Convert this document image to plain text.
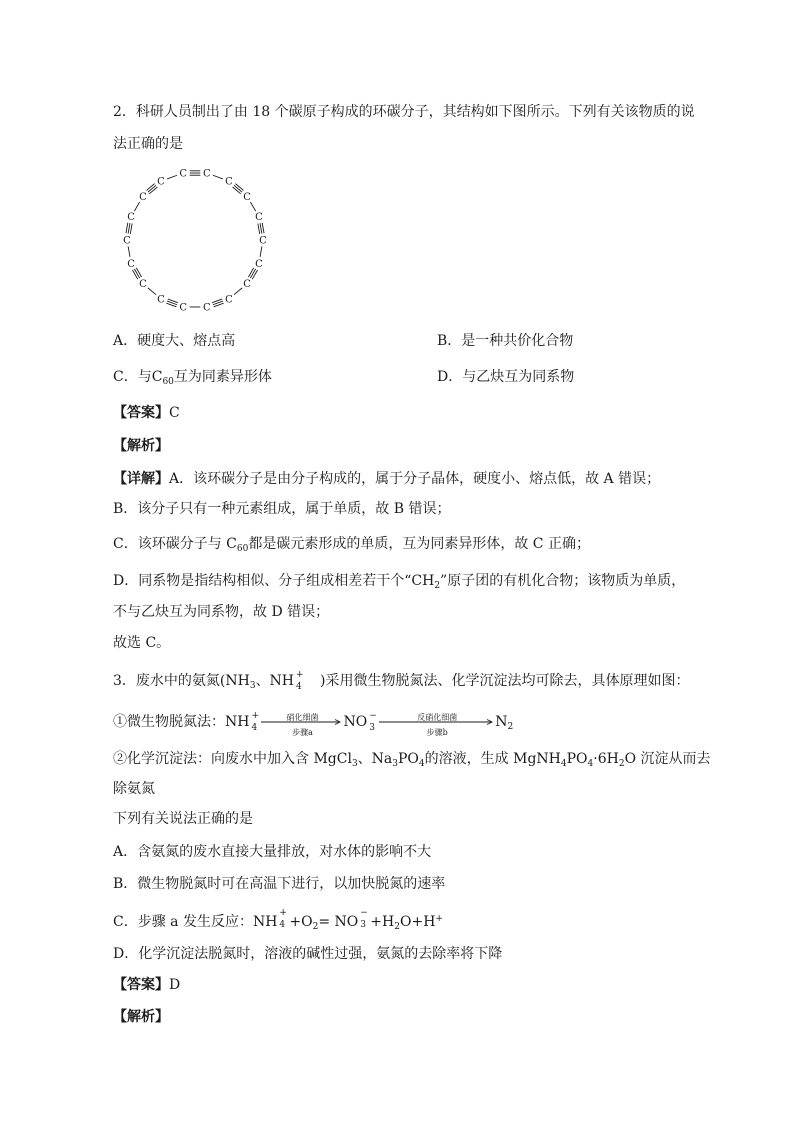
2．科研人员制出了由 18 个碳原子构成的环碳分子，其结构如下图所示。下列有关该物质的说
法正确的是
C C
C
C
C
C
C
C
C
C
C
C
C
C
C
C
C
C
A．硬度大、熔点高	B．是一种共价化合物
C．与$C_{60}$互为同素异形体	D．与乙炔互为同系物
【答案】C
【解析】
【详解】A．该环碳分子是由分子构成的，属于分子晶体，硬度小、熔点低，故 A 错误；
B．该分子只有一种元素组成，属于单质，故 B 错误；
C．该环碳分子与 $C_{60}$都是碳元素形成的单质，互为同素异形体，故 C 正确；
D．同系物是指结构相似、分子组成相差若干个“$CH_2$”原子团的有机化合物；该物质为单质，
不与乙炔互为同系物，故 D 错误；
故选 C。
3．废水中的氨氮($NH_3$、NH
+
4 )采用微生物脱氮法、化学沉淀法均可除去，具体原理如图：
①微生物脱氮法：NH +
4
硝化细菌
步骤a
NO −
3
反硝化细菌
步骤b
$N_2$
②化学沉淀法：向废水中加入含 MgCl$_3$、$Na_3PO_4$的溶液，生成 $MgNH_4PO_4\cdot 6H_2O$ 沉淀从而去
除氨氮
下列有关说法正确的是
A．含氨氮的废水直接大量排放，对水体的影响不大
B．微生物脱氮时可在高温下进行，以加快脱氮的速率
C．步骤 a 发生反应：NH
+
$4 +O_2=$ NO
−
$3 +H_2O+H^+$
D．化学沉淀法脱氮时，溶液的碱性过强，氨氮的去除率将下降
【答案】D
【解析】
